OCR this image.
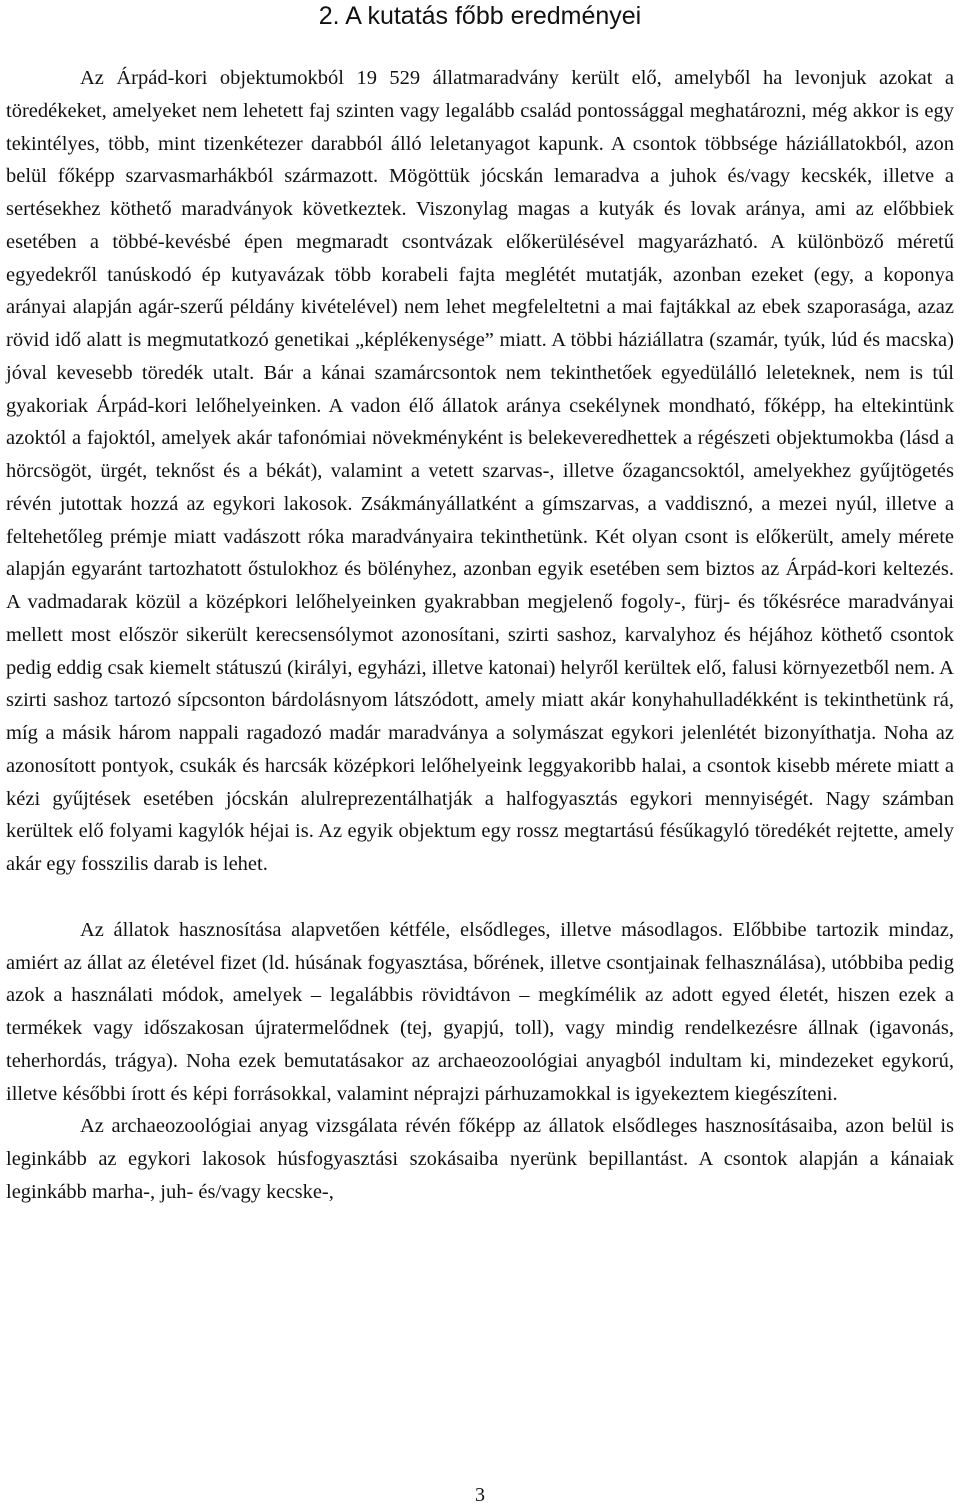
2. A kutatás főbb eredményei

Az Árpád-kori objektumokból 19 529 állatmaradvány került elő, amelyből ha levonjuk azokat a töredékeket, amelyeket nem lehetett faj szinten vagy legalább család pontossággal meghatározni, még akkor is egy tekintélyes, több, mint tizenkétezer darabból álló leletanyagot kapunk. A csontok többsége háziállatokból, azon belül főképp szarvasmarhákból származott. Mögöttük jócskán lemaradva a juhok és/vagy kecskék, illetve a sertésekhez köthető maradványok következtek. Viszonylag magas a kutyák és lovak aránya, ami az előbbiek esetében a többé-kevésbé épen megmaradt csontvázak előkerülésével magyarázható. A különböző méretű egyedekről tanúskodó ép kutyavázak több korabeli fajta meglétét mutatják, azonban ezeket (egy, a koponya arányai alapján agár-szerű példány kivételével) nem lehet megfeleltetni a mai fajtákkal az ebek szaporasága, azaz rövid idő alatt is megmutatkozó genetikai „képlékenysége” miatt. A többi háziállatra (szamár, tyúk, lúd és macska) jóval kevesebb töredék utalt. Bár a kánai szamárcsontok nem tekinthetőek egyedülálló leleteknek, nem is túl gyakoriak Árpád-kori lelőhelyeinken. A vadon élő állatok aránya csekélynek mondható, főképp, ha eltekintünk azoktól a fajoktól, amelyek akár tafonómiai növekményként is belekeveredhettek a régészeti objektumokba (lásd a hörcsögöt, ürgét, teknőst és a békát), valamint a vetett szarvas-, illetve őzagancsoktól, amelyekhez gyűjtögetés révén jutottak hozzá az egykori lakosok. Zsákmányállatként a gímszarvas, a vaddisznó, a mezei nyúl, illetve a feltehetőleg prémje miatt vadászott róka maradványaira tekinthetünk. Két olyan csont is előkerült, amely mérete alapján egyaránt tartozhatott őstulokhoz és bölényhez, azonban egyik esetében sem biztos az Árpád-kori keltezés. A vadmadarak közül a középkori lelőhelyeinken gyakrabban megjelenő fogoly-, fürj- és tőkésréce maradványai mellett most először sikerült kerecsensólymot azonosítani, szirti sashoz, karvalyhoz és héjához köthető csontok pedig eddig csak kiemelt státuszú (királyi, egyházi, illetve katonai) helyről kerültek elő, falusi környezetből nem. A szirti sashoz tartozó sípcsonton bárdolásnyom látszódott, amely miatt akár konyhahulladékként is tekinthetünk rá, míg a másik három nappali ragadozó madár maradványa a solymászat egykori jelenlétét bizonyíthatja. Noha az azonosított pontyok, csukák és harcsák középkori lelőhelyeink leggyakoribb halai, a csontok kisebb mérete miatt a kézi gyűjtések esetében jócskán alulreprezentálhatják a halfogyasztás egykori mennyiségét. Nagy számban kerültek elő folyami kagylók héjai is. Az egyik objektum egy rossz megtartású fésűkagyló töredékét rejtette, amely akár egy fosszilis darab is lehet.

Az állatok hasznosítása alapvetően kétféle, elsődleges, illetve másodlagos. Előbbibe tartozik mindaz, amiért az állat az életével fizet (ld. húsának fogyasztása, bőrének, illetve csontjainak felhasználása), utóbbiba pedig azok a használati módok, amelyek – legalábbis rövidtávon – megkímélik az adott egyed életét, hiszen ezek a termékek vagy időszakosan újratermelődnek (tej, gyapjú, toll), vagy mindig rendelkezésre állnak (igavonás, teherhordás, trágya). Noha ezek bemutatásakor az archaeozoológiai anyagból indultam ki, mindezeket egykorú, illetve későbbi írott és képi forrásokkal, valamint néprajzi párhuzamokkal is igyekeztem kiegészíteni.

Az archaeozoológiai anyag vizsgálata révén főképp az állatok elsődleges hasznosításaiba, azon belül is leginkább az egykori lakosok húsfogyasztási szokásaiba nyerünk bepillantást. A csontok alapján a kánaiak leginkább marha-, juh- és/vagy kecske-,

3
